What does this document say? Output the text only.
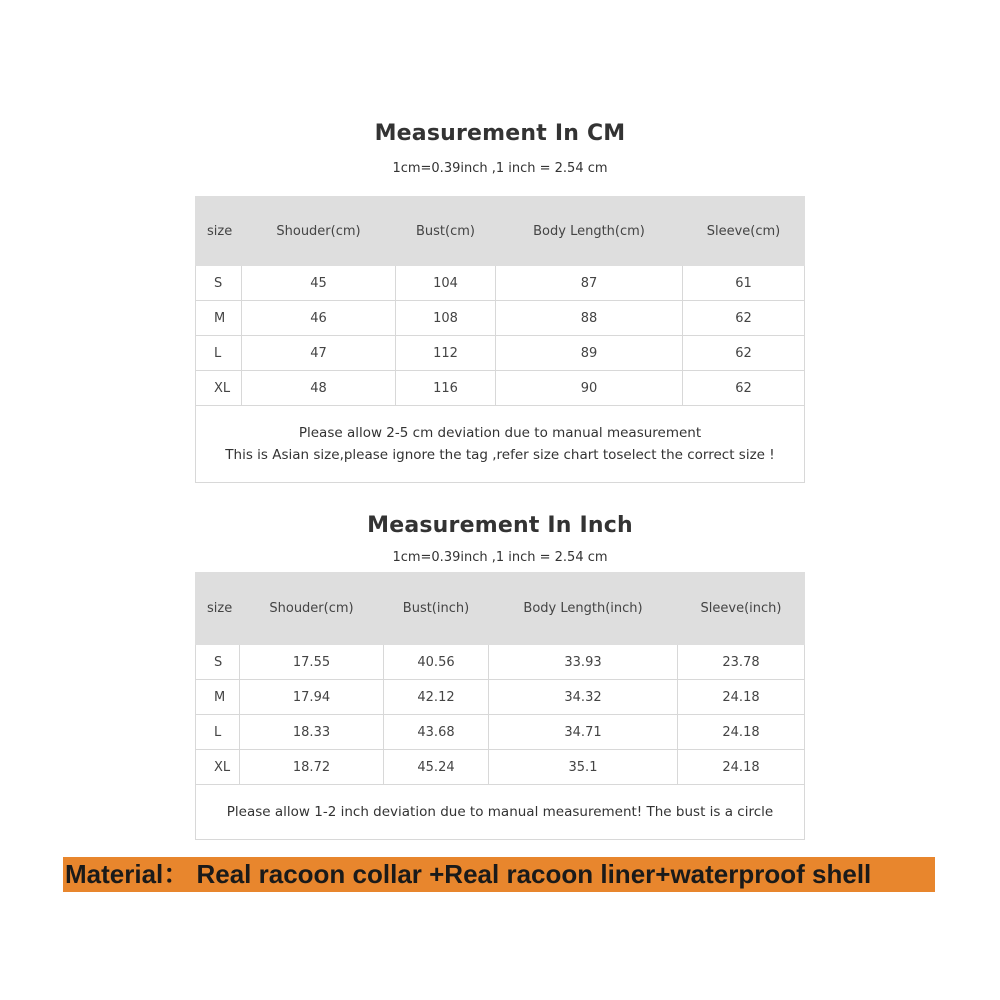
Measurement In CM
1cm=0.39inch ,1 inch = 2.54 cm
size	Shouder(cm)	Bust(cm)	Body Length(cm)	Sleeve(cm)
S	45	104	87	61
M	46	108	88	62
L	47	112	89	62
XL	48	116	90	62

Please allow 2-5 cm deviation due to manual measurement
This is Asian size,please ignore the tag ,refer size chart toselect the correct size !				
Measurement In Inch
1cm=0.39inch ,1 inch = 2.54 cm
size	Shouder(cm)	Bust(inch)	Body Length(inch)	Sleeve(inch)
S	17.55	40.56	33.93	23.78
M	17.94	42.12	34.32	24.18
L	18.33	43.68	34.71	24.18
XL	18.72	45.24	35.1	24.18
Please allow 1-2 inch deviation due to manual measurement! The bust is a circle				
Material： Real racoon collar +Real racoon liner+waterproof shell
